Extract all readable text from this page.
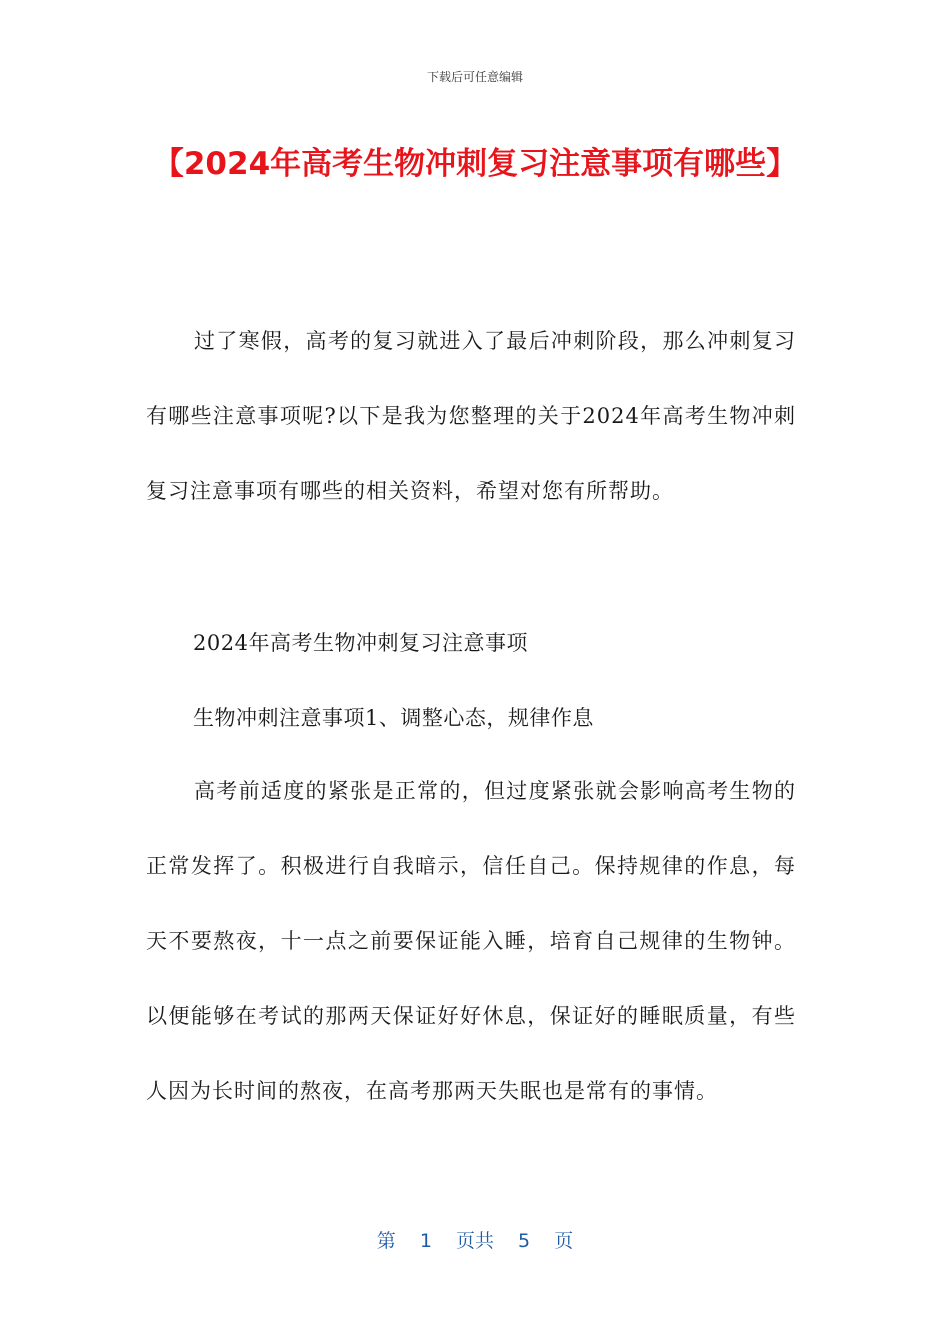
下载后可任意编辑
【2024年高考生物冲刺复习注意事项有哪些】

过了寒假，高考的复习就进入了最后冲刺阶段，那么冲刺复习有哪些注意事项呢?以下是我为您整理的关于2024年高考生物冲刺复习注意事项有哪些的相关资料，希望对您有所帮助。

2024年高考生物冲刺复习注意事项

生物冲刺注意事项1、调整心态，规律作息

高考前适度的紧张是正常的，但过度紧张就会影响高考生物的正常发挥了。积极进行自我暗示，信任自己。保持规律的作息，每天不要熬夜，十一点之前要保证能入睡，培育自己规律的生物钟。以便能够在考试的那两天保证好好休息，保证好的睡眠质量，有些人因为长时间的熬夜，在高考那两天失眠也是常有的事情。

第 1 页共 5 页
